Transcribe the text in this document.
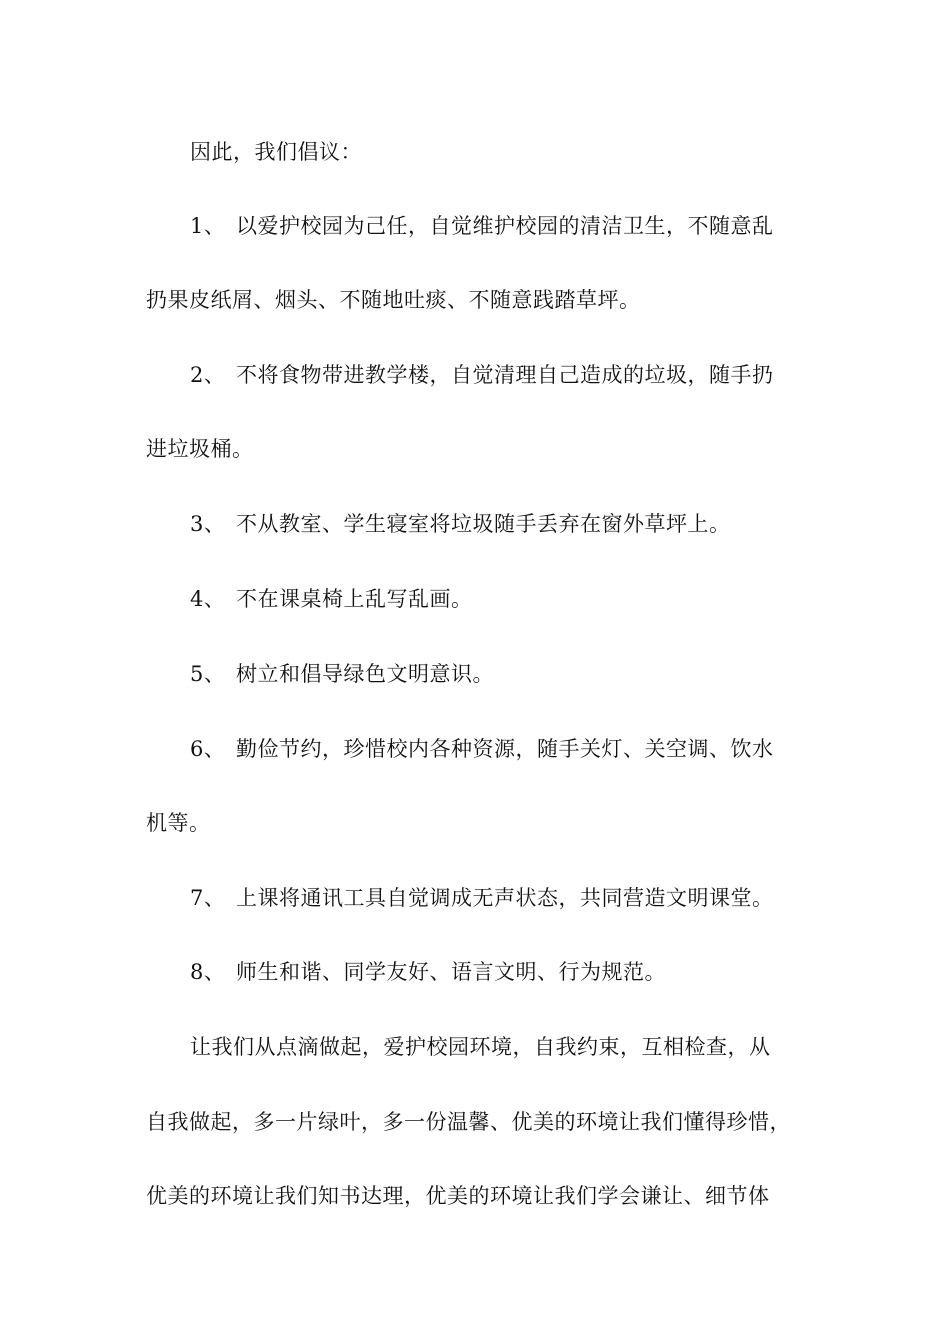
因此，我们倡议：
1、 以爱护校园为己任，自觉维护校园的清洁卫生，不随意乱
扔果皮纸屑、烟头、不随地吐痰、不随意践踏草坪。
2、 不将食物带进教学楼，自觉清理自己造成的垃圾，随手扔
进垃圾桶。
3、 不从教室、学生寝室将垃圾随手丢弃在窗外草坪上。
4、 不在课桌椅上乱写乱画。
5、 树立和倡导绿色文明意识。
6、 勤俭节约，珍惜校内各种资源，随手关灯、关空调、饮水
机等。
7、 上课将通讯工具自觉调成无声状态，共同营造文明课堂。
8、 师生和谐、同学友好、语言文明、行为规范。
让我们从点滴做起，爱护校园环境，自我约束，互相检查，从
自我做起，多一片绿叶，多一份温馨、优美的环境让我们懂得珍惜，
优美的环境让我们知书达理，优美的环境让我们学会谦让、细节体
